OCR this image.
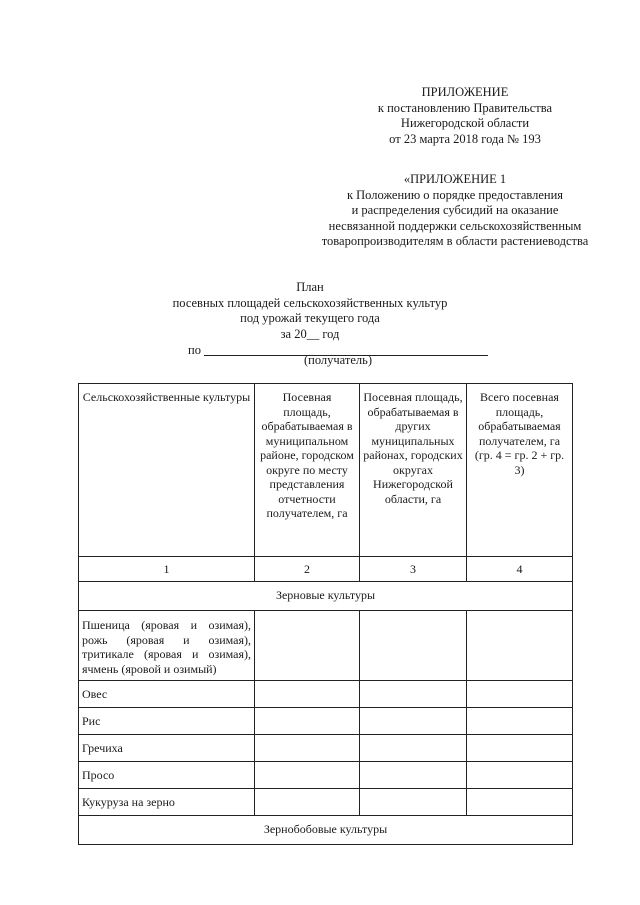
ПРИЛОЖЕНИЕ
к постановлению Правительства
Нижегородской области
от 23 марта 2018 года № 193
«ПРИЛОЖЕНИЕ 1
к Положению о порядке предоставления
и распределения субсидий на оказание
несвязанной поддержки сельскохозяйственным
товаропроизводителям в области растениеводства
План
посевных площадей сельскохозяйственных культур
под урожай текущего года
за 20__ год
по
(получатель)
Сельскохозяйственные культуры	Посевная площадь, обрабатываемая в муниципальном районе, городском округе по месту представления отчетности получателем, га	Посевная площадь, обрабатываемая в других муниципальных районах, городских округах Нижегородской области, га	Всего посевная площадь, обрабатываемая получателем, га (гр. 4 = гр. 2 + гр. 3)
1	2	3	4
Зерновые культуры			
Пшеница (яровая и озимая), рожь (яровая и озимая), тритикале (яровая и озимая), ячмень (яровой и озимый)			
Овес			
Рис			
Гречиха			
Просо			
Кукуруза на зерно			
Зернобобовые культуры			
